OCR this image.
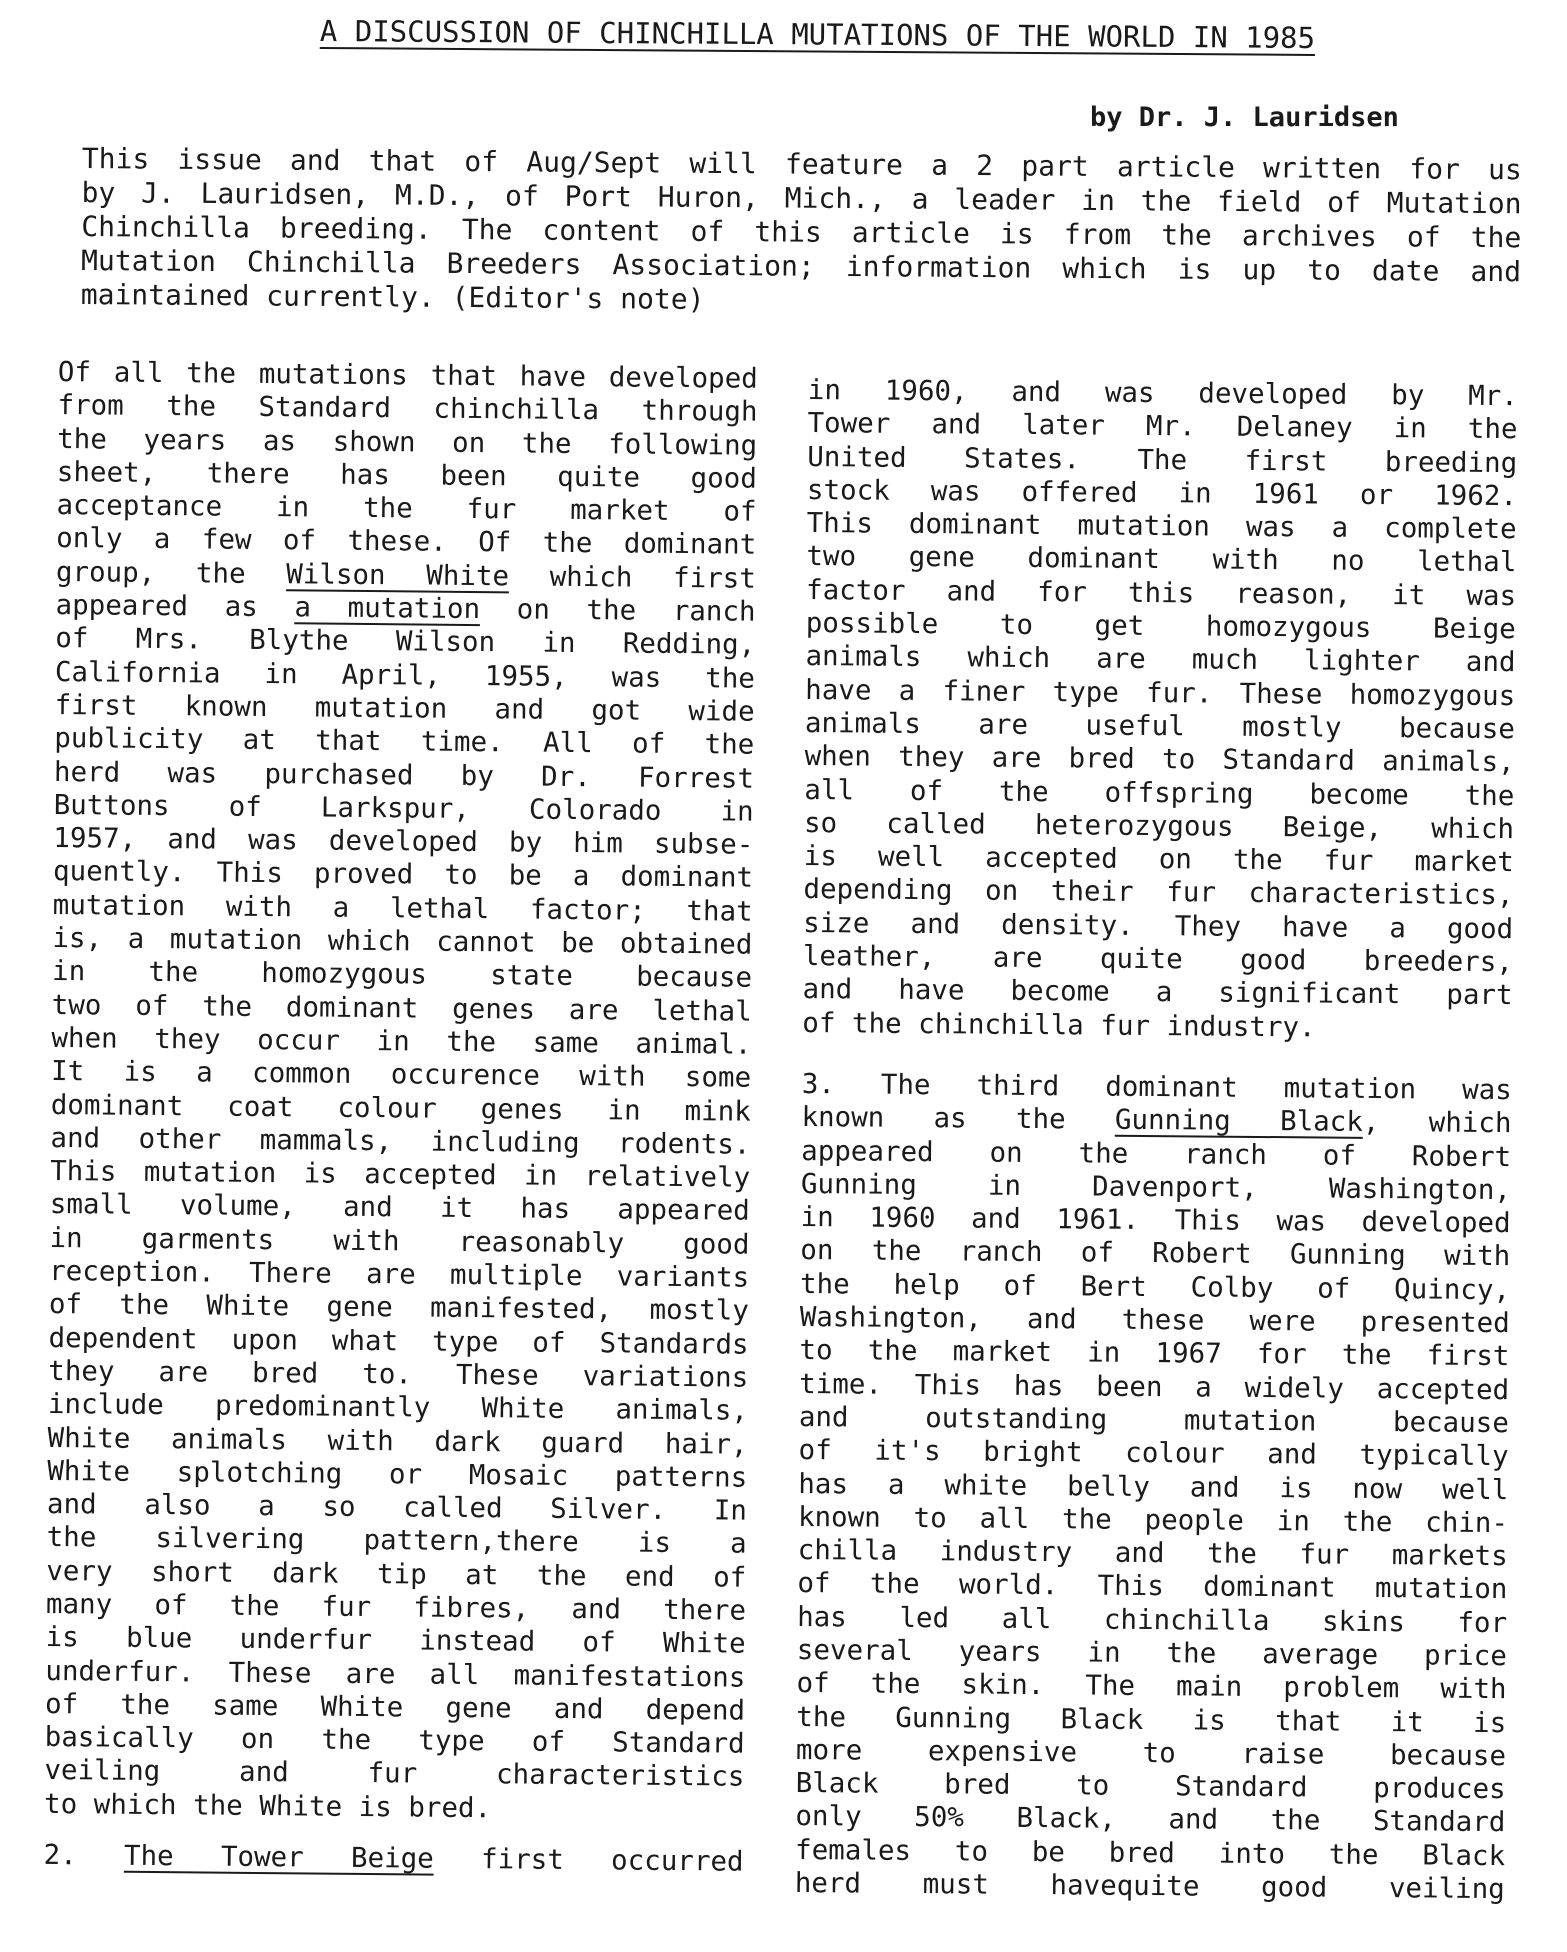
A DISCUSSION OF CHINCHILLA MUTATIONS OF THE WORLD IN 1985
by Dr. J. Lauridsen
This issue and that of Aug/Sept will feature a 2 part article written for us
by J. Lauridsen, M.D., of Port Huron, Mich., a leader in the field of Mutation
Chinchilla breeding. The content of this article is from the archives of the
Mutation Chinchilla Breeders Association; information which is up to date and
maintained currently. (Editor's note)
Of all the mutations that have developed
from the Standard chinchilla through
the years as shown on the following
sheet, there has been quite good
acceptance in the fur market of
only a few of these. Of the dominant
group, the Wilson White which first
appeared as a mutation on the ranch
of Mrs. Blythe Wilson in Redding,
California in April, 1955, was the
first known mutation and got wide
publicity at that time. All of the
herd was purchased by Dr. Forrest
Buttons of Larkspur, Colorado in
1957, and was developed by him subse-
quently. This proved to be a dominant
mutation with a lethal factor; that
is, a mutation which cannot be obtained
in the homozygous state because
two of the dominant genes are lethal
when they occur in the same animal.
It is a common occurence with some
dominant coat colour genes in mink
and other mammals, including rodents.
This mutation is accepted in relatively
small volume, and it has appeared
in garments with reasonably good
reception. There are multiple variants
of the White gene manifested, mostly
dependent upon what type of Standards
they are bred to. These variations
include predominantly White animals,
White animals with dark guard hair,
White splotching or Mosaic patterns
and also a so called Silver. In
the silvering pattern,there is a
very short dark tip at the end of
many of the fur fibres, and there
is blue underfur instead of White
underfur. These are all manifestations
of the same White gene and depend
basically on the type of Standard
veiling and fur characteristics
to which the White is bred.
2. The Tower Beige first occurred
in 1960, and was developed by Mr.
Tower and later Mr. Delaney in the
United States. The first breeding
stock was offered in 1961 or 1962.
This dominant mutation was a complete
two gene dominant with no lethal
factor and for this reason, it was
possible to get homozygous Beige
animals which are much lighter and
have a finer type fur. These homozygous
animals are useful mostly because
when they are bred to Standard animals,
all of the offspring become the
so called heterozygous Beige, which
is well accepted on the fur market
depending on their fur characteristics,
size and density. They have a good
leather, are quite good breeders,
and have become a significant part
of the chinchilla fur industry.
3. The third dominant mutation was
known as the Gunning Black, which
appeared on the ranch of Robert
Gunning in Davenport, Washington,
in 1960 and 1961. This was developed
on the ranch of Robert Gunning with
the help of Bert Colby of Quincy,
Washington, and these were presented
to the market in 1967 for the first
time. This has been a widely accepted
and outstanding mutation because
of it's bright colour and typically
has a white belly and is now well
known to all the people in the chin-
chilla industry and the fur markets
of the world. This dominant mutation
has led all chinchilla skins for
several years in the average price
of the skin. The main problem with
the Gunning Black is that it is
more expensive to raise because
Black bred to Standard produces
only 50% Black, and the Standard
females to be bred into the Black
herd must havequite good veiling
